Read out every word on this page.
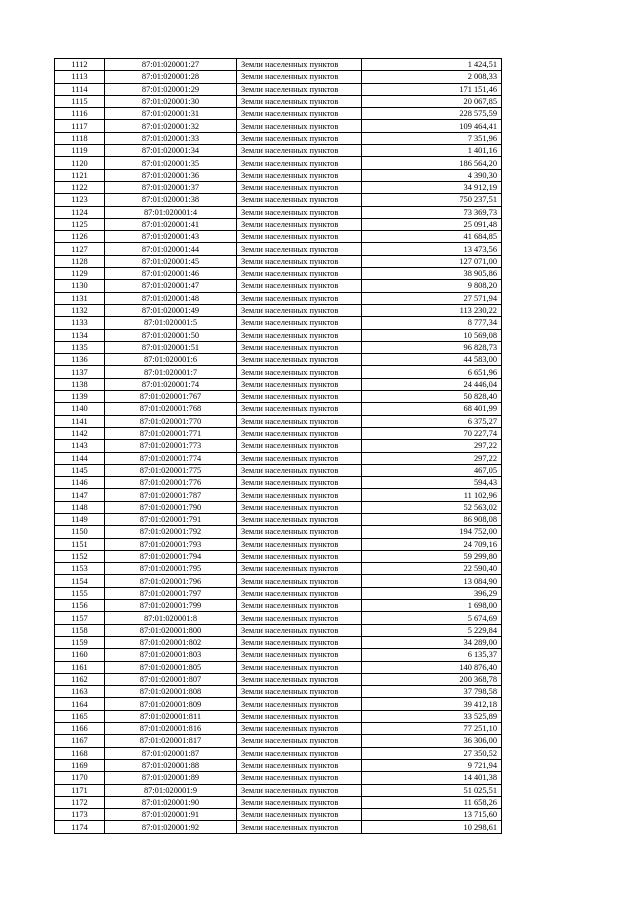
1112	87:01:020001:27	Земли населенных пунктов	1 424,51
1113	87:01:020001:28	Земли населенных пунктов	2 008,33
1114	87:01:020001:29	Земли населенных пунктов	171 151,46
1115	87:01:020001:30	Земли населенных пунктов	20 067,85
1116	87:01:020001:31	Земли населенных пунктов	228 575,59
1117	87:01:020001:32	Земли населенных пунктов	109 464,41
1118	87:01:020001:33	Земли населенных пунктов	7 351,96
1119	87:01:020001:34	Земли населенных пунктов	1 401,16
1120	87:01:020001:35	Земли населенных пунктов	186 564,20
1121	87:01:020001:36	Земли населенных пунктов	4 390,30
1122	87:01:020001:37	Земли населенных пунктов	34 912,19
1123	87:01:020001:38	Земли населенных пунктов	750 237,51
1124	87:01:020001:4	Земли населенных пунктов	73 369,73
1125	87:01:020001:41	Земли населенных пунктов	25 091,48
1126	87:01:020001:43	Земли населенных пунктов	41 684,85
1127	87:01:020001:44	Земли населенных пунктов	13 473,56
1128	87:01:020001:45	Земли населенных пунктов	127 071,00
1129	87:01:020001:46	Земли населенных пунктов	38 905,86
1130	87:01:020001:47	Земли населенных пунктов	9 808,20
1131	87:01:020001:48	Земли населенных пунктов	27 571,94
1132	87:01:020001:49	Земли населенных пунктов	113 230,22
1133	87:01:020001:5	Земли населенных пунктов	8 777,34
1134	87:01:020001:50	Земли населенных пунктов	10 569,08
1135	87:01:020001:51	Земли населенных пунктов	96 828,73
1136	87:01:020001:6	Земли населенных пунктов	44 583,00
1137	87:01:020001:7	Земли населенных пунктов	6 651,96
1138	87:01:020001:74	Земли населенных пунктов	24 446,04
1139	87:01:020001:767	Земли населенных пунктов	50 828,40
1140	87:01:020001:768	Земли населенных пунктов	68 401,99
1141	87:01:020001:770	Земли населенных пунктов	6 375,27
1142	87:01:020001:771	Земли населенных пунктов	70 227,74
1143	87:01:020001:773	Земли населенных пунктов	297,22
1144	87:01:020001:774	Земли населенных пунктов	297,22
1145	87:01:020001:775	Земли населенных пунктов	467,05
1146	87:01:020001:776	Земли населенных пунктов	594,43
1147	87:01:020001:787	Земли населенных пунктов	11 102,96
1148	87:01:020001:790	Земли населенных пунктов	52 563,02
1149	87:01:020001:791	Земли населенных пунктов	86 908,08
1150	87:01:020001:792	Земли населенных пунктов	194 752,00
1151	87:01:020001:793	Земли населенных пунктов	24 709,16
1152	87:01:020001:794	Земли населенных пунктов	59 299,80
1153	87:01:020001:795	Земли населенных пунктов	22 590,40
1154	87:01:020001:796	Земли населенных пунктов	13 084,90
1155	87:01:020001:797	Земли населенных пунктов	396,29
1156	87:01:020001:799	Земли населенных пунктов	1 698,00
1157	87:01:020001:8	Земли населенных пунктов	5 674,69
1158	87:01:020001:800	Земли населенных пунктов	5 229,84
1159	87:01:020001:802	Земли населенных пунктов	34 289,00
1160	87:01:020001:803	Земли населенных пунктов	6 135,37
1161	87:01:020001:805	Земли населенных пунктов	140 876,40
1162	87:01:020001:807	Земли населенных пунктов	200 368,78
1163	87:01:020001:808	Земли населенных пунктов	37 798,58
1164	87:01:020001:809	Земли населенных пунктов	39 412,18
1165	87:01:020001:811	Земли населенных пунктов	33 525,89
1166	87:01:020001:816	Земли населенных пунктов	77 251,10
1167	87:01:020001:817	Земли населенных пунктов	36 306,00
1168	87:01:020001:87	Земли населенных пунктов	27 350,52
1169	87:01:020001:88	Земли населенных пунктов	9 721,94
1170	87:01:020001:89	Земли населенных пунктов	14 401,38
1171	87:01:020001:9	Земли населенных пунктов	51 025,51
1172	87:01:020001:90	Земли населенных пунктов	11 658,26
1173	87:01:020001:91	Земли населенных пунктов	13 715,60
1174	87:01:020001:92	Земли населенных пунктов	10 298,61
